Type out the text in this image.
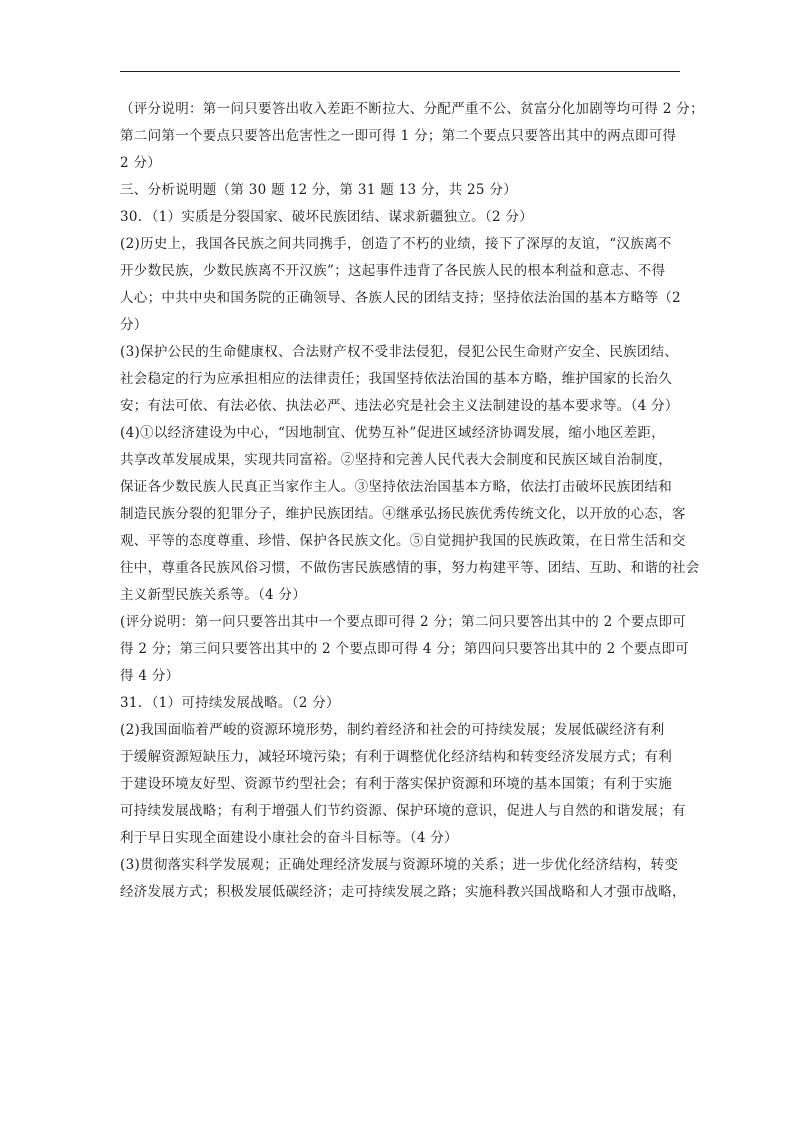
（评分说明：第一问只要答出收入差距不断拉大、分配严重不公、贫富分化加剧等均可得 2 分；
第二问第一个要点只要答出危害性之一即可得 1 分；第二个要点只要答出其中的两点即可得
2 分）
三、分析说明题（第 30 题 12 分，第 31 题 13 分，共 25 分）
30．（1）实质是分裂国家、破坏民族团结、谋求新疆独立。（2 分）
(2)历史上，我国各民族之间共同携手，创造了不朽的业绩，接下了深厚的友谊，“汉族离不
开少数民族，少数民族离不开汉族”；这起事件违背了各民族人民的根本利益和意志、不得
人心；中共中央和国务院的正确领导、各族人民的团结支持；坚持依法治国的基本方略等（2
分）
(3)保护公民的生命健康权、合法财产权不受非法侵犯，侵犯公民生命财产安全、民族团结、
社会稳定的行为应承担相应的法律责任；我国坚持依法治国的基本方略，维护国家的长治久
安；有法可依、有法必依、执法必严、违法必究是社会主义法制建设的基本要求等。（4 分）
(4)①以经济建设为中心，“因地制宜、优势互补”促进区域经济协调发展，缩小地区差距，
共享改革发展成果，实现共同富裕。②坚持和完善人民代表大会制度和民族区域自治制度，
保证各少数民族人民真正当家作主人。③坚持依法治国基本方略，依法打击破坏民族团结和
制造民族分裂的犯罪分子，维护民族团结。④继承弘扬民族优秀传统文化，以开放的心态，客
观、平等的态度尊重、珍惜、保护各民族文化。⑤自觉拥护我国的民族政策，在日常生活和交
往中，尊重各民族风俗习惯，不做伤害民族感情的事，努力构建平等、团结、互助、和谐的社会
主义新型民族关系等。（4 分）
(评分说明：第一问只要答出其中一个要点即可得 2 分；第二问只要答出其中的 2 个要点即可
得 2 分；第三问只要答出其中的 2 个要点即可得 4 分；第四问只要答出其中的 2 个要点即可
得 4 分）
31．（1）可持续发展战略。（2 分）
(2)我国面临着严峻的资源环境形势，制约着经济和社会的可持续发展；发展低碳经济有利
于缓解资源短缺压力，减轻环境污染；有利于调整优化经济结构和转变经济发展方式；有利
于建设环境友好型、资源节约型社会；有利于落实保护资源和环境的基本国策；有利于实施
可持续发展战略；有利于增强人们节约资源、保护环境的意识，促进人与自然的和谐发展；有
利于早日实现全面建设小康社会的奋斗目标等。（4 分）
(3)贯彻落实科学发展观；正确处理经济发展与资源环境的关系；进一步优化经济结构，转变
经济发展方式；积极发展低碳经济；走可持续发展之路；实施科教兴国战略和人才强市战略，
